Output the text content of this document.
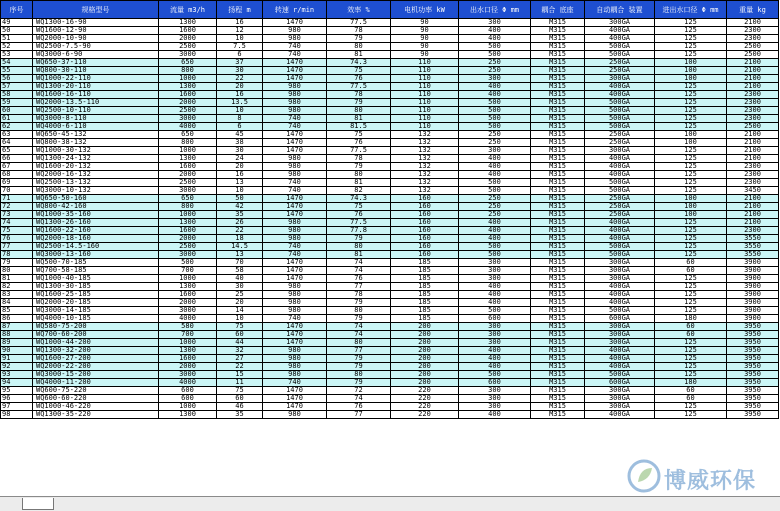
序号	规格型号	流量 m3/h	扬程 m	转速 r/min	效率 %	电机功率 kW	出水口径 Φ mm	耦合 底座	自动耦合 装置	进出水口径 Φ mm	重量 kg
49	WQ1300-16-90	1300	16	1470	77.5	90	300	M315	300GA	125	2100
50	WQ1600-12-90	1600	12	980	78	90	400	M315	400GA	125	2300
51	WQ2000-10-90	2000	10	980	79	90	400	M315	400GA	125	2300
52	WQ2500-7.5-90	2500	7.5	740	80	90	500	M315	500GA	125	2500
53	WQ3000-6-90	3000	6	740	81	90	500	M315	500GA	125	2500
54	WQ650-37-110	650	37	1470	74.3	110	250	M315	250GA	100	2100
55	WQ800-30-110	800	30	1470	75	110	250	M315	250GA	100	2100
56	WQ1000-22-110	1000	22	1470	76	110	300	M315	300GA	100	2100
57	WQ1300-20-110	1300	20	980	77.5	110	400	M315	400GA	125	2100
58	WQ1600-16-110	1600	16	980	78	110	400	M315	400GA	125	2300
59	WQ2000-13.5-110	2000	13.5	980	79	110	500	M315	500GA	125	2300
60	WQ2500-10-110	2500	10	980	80	110	500	M315	500GA	125	2300
61	WQ3000-8-110	3000	8	740	81	110	500	M315	500GA	125	2300
62	WQ4000-6-110	4000	6	740	81.5	110	500	M315	500GA	125	2500
63	WQ650-45-132	650	45	1470	75	132	250	M315	250GA	100	2100
64	WQ800-38-132	800	38	1470	76	132	250	M315	250GA	100	2100
65	WQ1000-30-132	1000	30	1470	77.5	132	300	M315	300GA	125	2100
66	WQ1300-24-132	1300	24	980	78	132	400	M315	400GA	125	2100
67	WQ1600-20-132	1600	20	980	79	132	400	M315	400GA	125	2300
68	WQ2000-16-132	2000	16	980	80	132	400	M315	400GA	125	2300
69	WQ2500-13-132	2500	13	740	81	132	500	M315	500GA	125	2300
70	WQ3000-10-132	3000	10	740	82	132	500	M315	500GA	125	3450
71	WQ650-50-160	650	50	1470	74.3	160	250	M315	250GA	100	2100
72	WQ800-42-160	800	42	1470	75	160	250	M315	250GA	100	2100
73	WQ1000-35-160	1000	35	1470	76	160	250	M315	250GA	100	2100
74	WQ1300-26-160	1300	26	980	77.5	160	400	M315	400GA	125	2100
75	WQ1600-22-160	1600	22	980	77.8	160	400	M315	400GA	125	2300
76	WQ2000-18-160	2000	18	980	79	160	400	M315	400GA	125	3550
77	WQ2500-14.5-160	2500	14.5	740	80	160	500	M315	500GA	125	3550
78	WQ3000-13-160	3000	13	740	81	160	500	M315	500GA	125	3550
79	WQ500-70-185	500	70	1470	74	185	300	M315	300GA	60	3900
80	WQ700-58-185	700	58	1470	74	185	300	M315	300GA	60	3900
81	WQ1000-40-185	1000	40	1470	76	185	300	M315	300GA	125	3900
82	WQ1300-30-185	1300	30	980	77	185	400	M315	400GA	125	3900
83	WQ1600-25-185	1600	25	980	78	185	400	M315	400GA	125	3900
84	WQ2000-20-185	2000	20	980	79	185	400	M315	400GA	125	3900
85	WQ3000-14-185	3000	14	980	80	185	500	M315	500GA	125	3900
86	WQ4000-10-185	4000	10	740	79	185	600	M315	600GA	180	3900
87	WQ580-75-200	580	75	1470	74	200	300	M315	300GA	60	3950
88	WQ700-60-200	700	60	1470	74	200	300	M315	300GA	60	3950
89	WQ1000-44-200	1000	44	1470	80	200	300	M315	300GA	125	3950
90	WQ1300-32-200	1300	32	980	77	200	400	M315	400GA	125	3950
91	WQ1600-27-200	1600	27	980	79	200	400	M315	400GA	125	3950
92	WQ2000-22-200	2000	22	980	79	200	400	M315	400GA	125	3950
93	WQ3000-15-200	3000	15	980	80	200	500	M315	500GA	125	3950
94	WQ4000-11-200	4000	11	740	79	200	600	M315	600GA	180	3950
95	WQ600-75-220	600	75	1470	72	220	300	M315	300GA	60	3950
96	WQ600-60-220	600	60	1470	74	220	300	M315	300GA	60	3950
97	WQ1000-46-220	1000	46	1470	76	220	300	M315	300GA	125	3950
98	WQ1300-35-220	1300	35	980	77	220	400	M315	400GA	125	3950
博威环保
